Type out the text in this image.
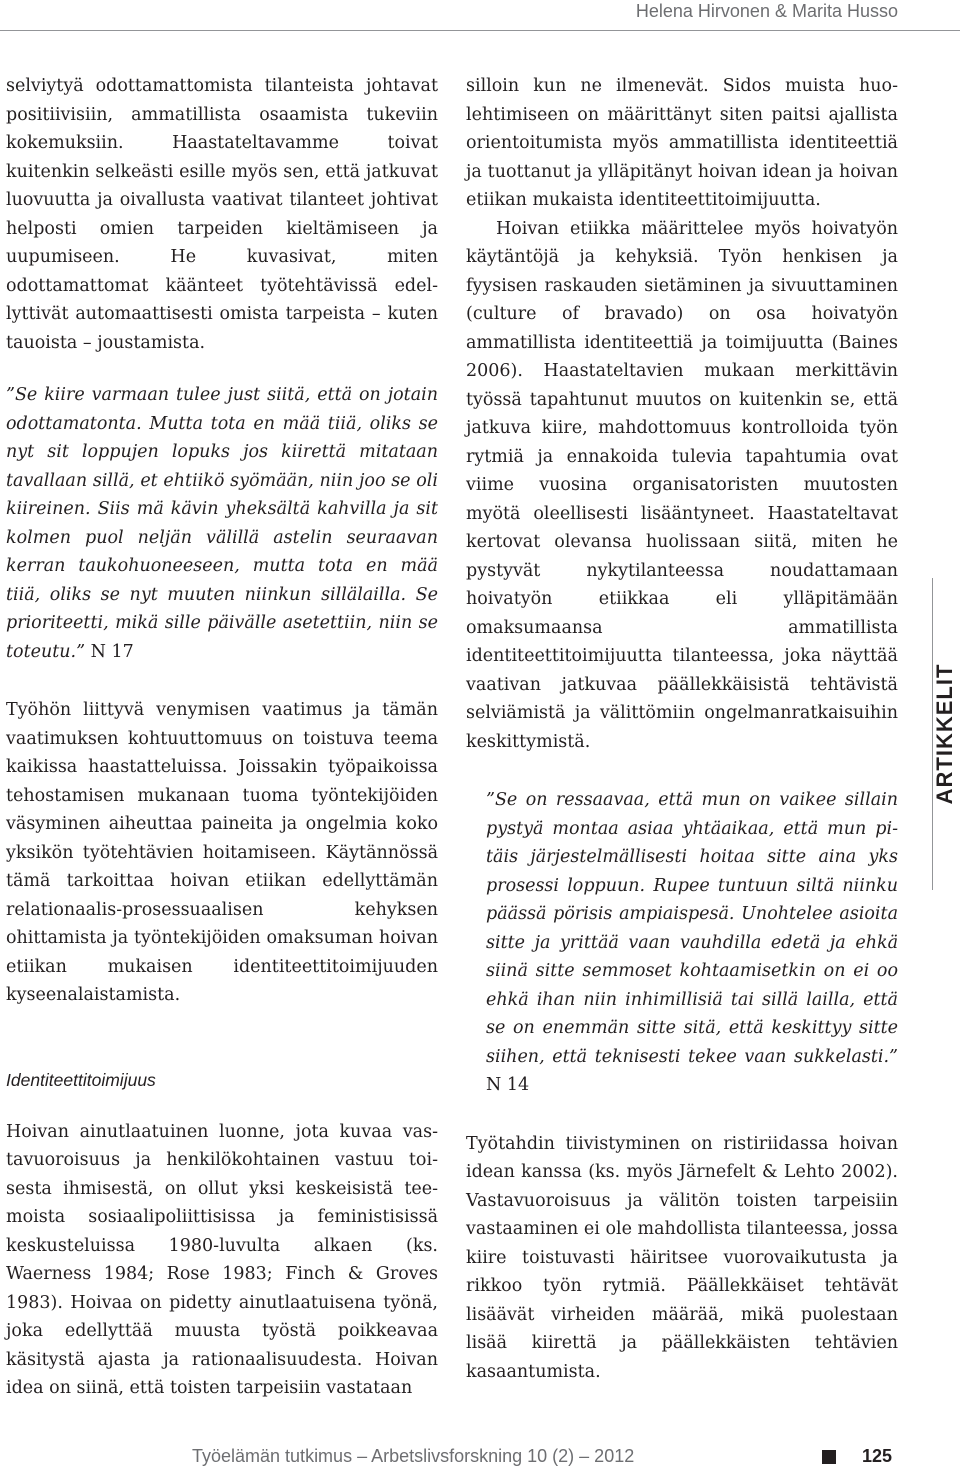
Helena Hirvonen & Marita Husso

selviytyä odottamattomista tilanteista johtavat positiivisiin, ammatillista osaamista tukeviin kokemuksiin. Haastateltavamme toivat kuitenkin selkeästi esille myös sen, että jatkuvat luovuutta ja oivallusta vaativat tilanteet johtivat helposti omien tarpeiden kieltämiseen ja uupumiseen. He kuvasivat, miten odottamattomat käänteet työtehtävissä edellyttivät automaattisesti omista tarpeista – kuten tauoista – joustamista.

”Se kiire varmaan tulee just siitä, että on jotain odottamatonta. Mutta tota en mää tiiä, oliks se nyt sit loppujen lopuks jos kiirettä mitataan tavallaan sillä, et ehtiikö syömään, niin joo se oli kiireinen. Siis mä kävin yheksältä kahvilla ja sit kolmen puol neljän välillä astelin seuraavan kerran taukohuoneeseen, mutta tota en mää tiiä, oliks se nyt muuten niinkun sillälailla. Se prioriteetti, mikä sille päivälle asetettiin, niin se toteutu.” N 17

Työhön liittyvä venymisen vaatimus ja tämän vaatimuksen kohtuuttomuus on toistuva teema kaikissa haastatteluissa. Joissakin työpaikoissa tehostamisen mukanaan tuoma työntekijöiden väsyminen aiheuttaa paineita ja ongelmia koko yksikön työtehtävien hoitamiseen. Käytännössä tämä tarkoittaa hoivan etiikan edellyttämän relationaalis-prosessuaalisen kehyksen ohittamista ja työntekijöiden omaksuman hoivan etiikan mukaisen identiteettitoimijuuden kyseenalaistamista.

Identiteettitoimijuus

Hoivan ainutlaatuinen luonne, jota kuvaa vastavuoroisuus ja henkilökohtainen vastuu toisesta ihmisestä, on ollut yksi keskeisistä teemoista sosiaalipoliittisissa ja feministisissä keskusteluissa 1980-luvulta alkaen (ks. Waerness 1984; Rose 1983; Finch & Groves 1983). Hoivaa on pidetty ainutlaatuisena työnä, joka edellyttää muusta työstä poikkeavaa käsitystä ajasta ja rationaalisuudesta. Hoivan idea on siinä, että toisten tarpeisiin vastataan

silloin kun ne ilmenevät. Sidos muista huolehtimiseen on määrittänyt siten paitsi ajallista orientoitumista myös ammatillista identiteettiä ja tuottanut ja ylläpitänyt hoivan idean ja hoivan etiikan mukaista identiteettitoimijuutta.

Hoivan etiikka määrittelee myös hoivatyön käytäntöjä ja kehyksiä. Työn henkisen ja fyysisen raskauden sietäminen ja sivuuttaminen (culture of bravado) on osa hoivatyön ammatillista identiteettiä ja toimijuutta (Baines 2006). Haastateltavien mukaan merkittävin työssä tapahtunut muutos on kuitenkin se, että jatkuva kiire, mahdottomuus kontrolloida työn rytmiä ja ennakoida tulevia tapahtumia ovat viime vuosina organisatoristen muutosten myötä oleellisesti lisääntyneet. Haastateltavat kertovat olevansa huolissaan siitä, miten he pystyvät nykytilanteessa noudattamaan hoivatyön etiikkaa eli ylläpitämään omaksumaansa ammatillista identiteettitoimijuutta tilanteessa, joka näyttää vaativan jatkuvaa päällekkäisistä tehtävistä selviämistä ja välittömiin ongelmanratkaisuihin keskittymistä.

”Se on ressaavaa, että mun on vaikee sillain pystyä montaa asiaa yhtäaikaa, että mun pitäis järjestelmällisesti hoitaa sitte aina yks prosessi loppuun. Rupee tuntuun siltä niinku päässä pörisis ampiaispesä. Unohtelee asioita sitte ja yrittää vaan vauhdilla edetä ja ehkä siinä sitte semmoset kohtaamisetkin on ei oo ehkä ihan niin inhimillisiä tai sillä lailla, että se on enemmän sitte sitä, että keskittyy sitte siihen, että teknisesti tekee vaan sukkelasti.” N 14

Työtahdin tiivistyminen on ristiriidassa hoivan idean kanssa (ks. myös Järnefelt & Lehto 2002). Vastavuoroisuus ja välitön toisten tarpeisiin vastaaminen ei ole mahdollista tilanteessa, jossa kiire toistuvasti häiritsee vuorovaikutusta ja rikkoo työn rytmiä. Päällekkäiset tehtävät lisäävät virheiden määrää, mikä puolestaan lisää kiirettä ja päällekkäisten tehtävien kasaantumista.

ARTIKKELIT
Työelämän tutkimus – Arbetslivsforskning 10 (2) – 2012	125
